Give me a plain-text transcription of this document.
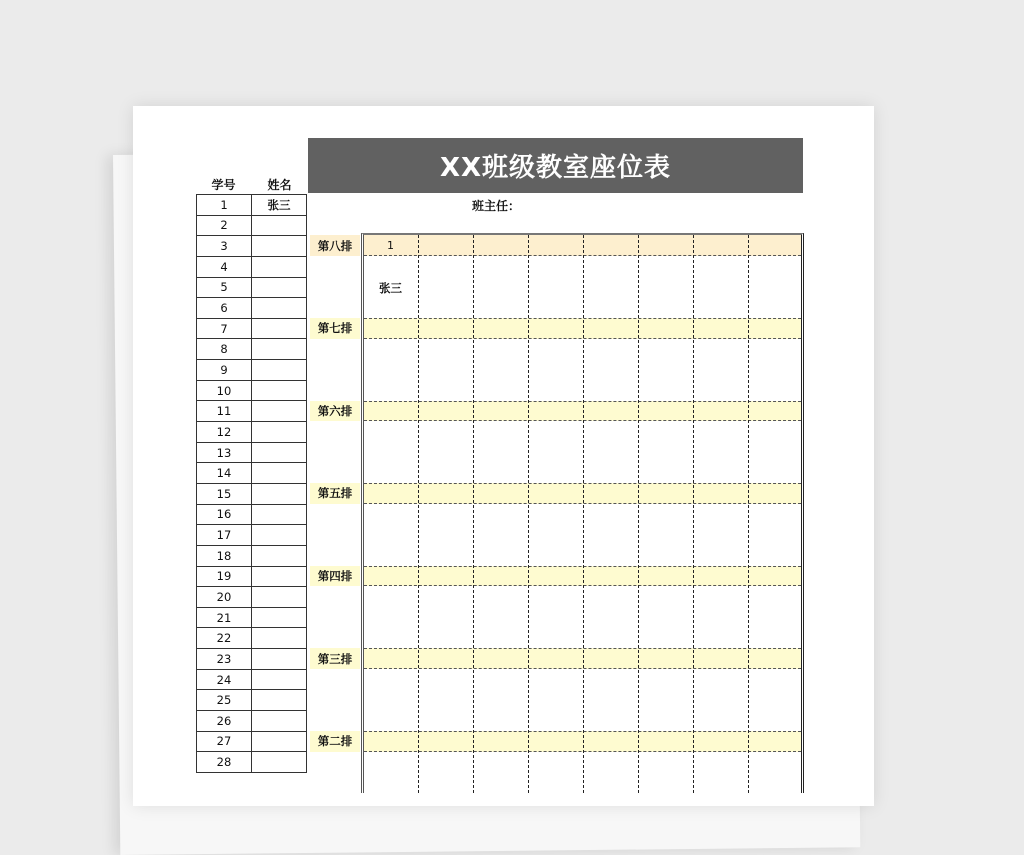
XX班级教室座位表
班主任：
学号	姓名
1	张三
2
3
4
5
6
7
8
9
10
11
12
13
14
15
16
17
18
19
20
21
22
23
24
25
26
27
28
第八排
第七排
第六排
第五排
第四排
第三排
第二排
1
张三
